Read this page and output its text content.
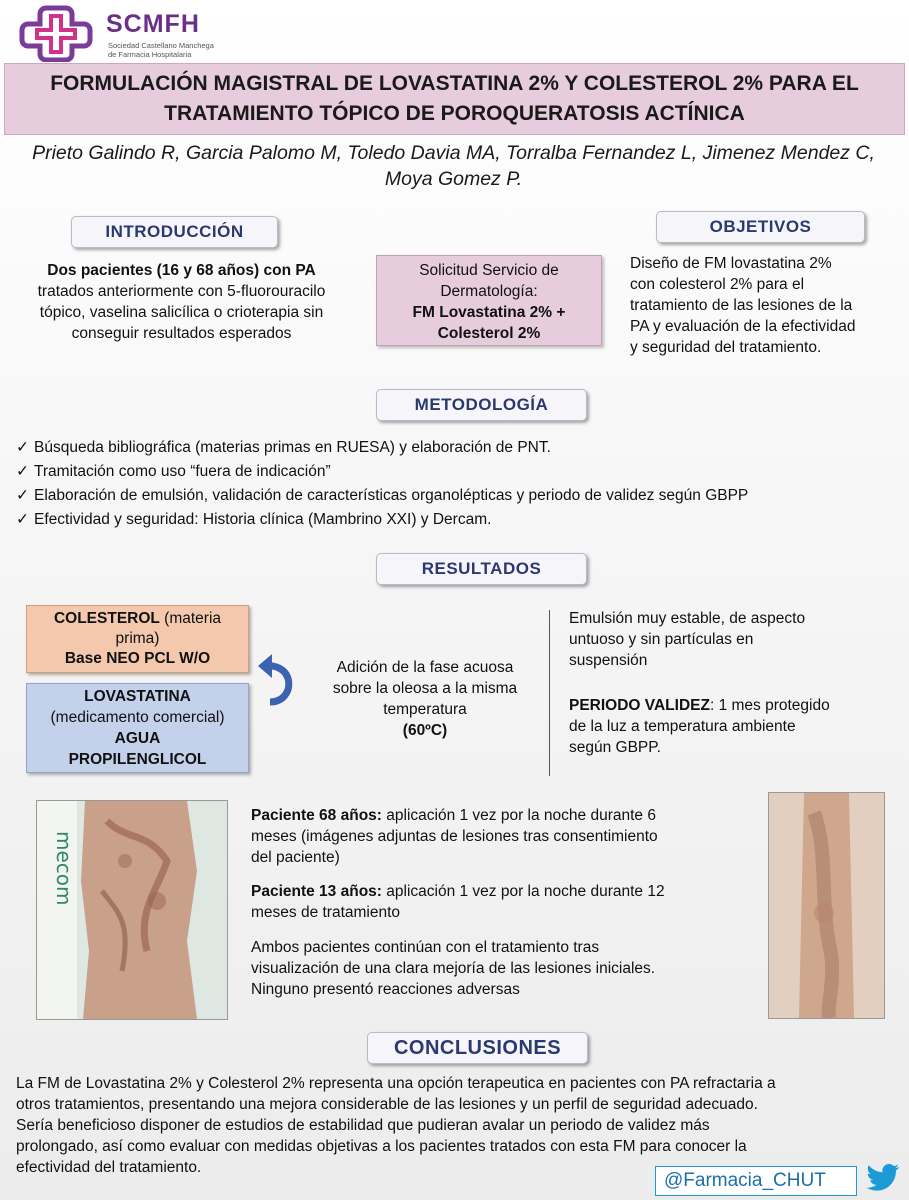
SCMFH
Sociedad Castellano Manchega
de Farmacia Hospitalaria
FORMULACIÓN MAGISTRAL DE LOVASTATINA 2% Y COLESTEROL 2% PARA EL
TRATAMIENTO TÓPICO DE POROQUERATOSIS ACTÍNICA
Prieto Galindo R, Garcia Palomo M, Toledo Davia MA, Torralba Fernandez L, Jimenez Mendez C,
Moya Gomez P.
INTRODUCCIÓN
Dos pacientes (16 y 68 años) con PA
tratados anteriormente con 5-fluorouracilo
tópico, vaselina salicílica o crioterapia sin
conseguir resultados esperados
Solicitud Servicio de
Dermatología:
FM Lovastatina 2% +
Colesterol 2%
OBJETIVOS
Diseño de FM lovastatina 2%
con colesterol 2% para el
tratamiento de las lesiones de la
PA y evaluación de la efectividad
y seguridad del tratamiento.
METODOLOGÍA
✓ Búsqueda bibliográfica (materias primas en RUESA) y elaboración de PNT.
✓ Tramitación como uso “fuera de indicación”
✓ Elaboración de emulsión, validación de características organolépticas y periodo de validez según GBPP
✓ Efectividad y seguridad: Historia clínica (Mambrino XXI) y Dercam.
RESULTADOS
COLESTEROL (materia
prima)
Base NEO PCL W/O
LOVASTATINA
(medicamento comercial)
AGUA
PROPILENGLICOL
Adición de la fase acuosa
sobre la oleosa a la misma
temperatura
(60ºC)
Emulsión muy estable, de aspecto
untuoso y sin partículas en
suspensión
PERIODO VALIDEZ: 1 mes protegido
de la luz a temperatura ambiente
según GBPP.
mecom
Paciente 68 años: aplicación 1 vez por la noche durante 6
meses (imágenes adjuntas de lesiones tras consentimiento
del paciente)
Paciente 13 años: aplicación 1 vez por la noche durante 12
meses de tratamiento
Ambos pacientes continúan con el tratamiento tras
visualización de una clara mejoría de las lesiones iniciales.
Ninguno presentó reacciones adversas
CONCLUSIONES
La FM de Lovastatina 2% y Colesterol 2% representa una opción terapeutica en pacientes con PA refractaria a
otros tratamientos, presentando una mejora considerable de las lesiones y un perfil de seguridad adecuado.
Sería beneficioso disponer de estudios de estabilidad que pudieran avalar un periodo de validez más
prolongado, así como evaluar con medidas objetivas a los pacientes tratados con esta FM para conocer la
efectividad del tratamiento.
@Farmacia_CHUT
